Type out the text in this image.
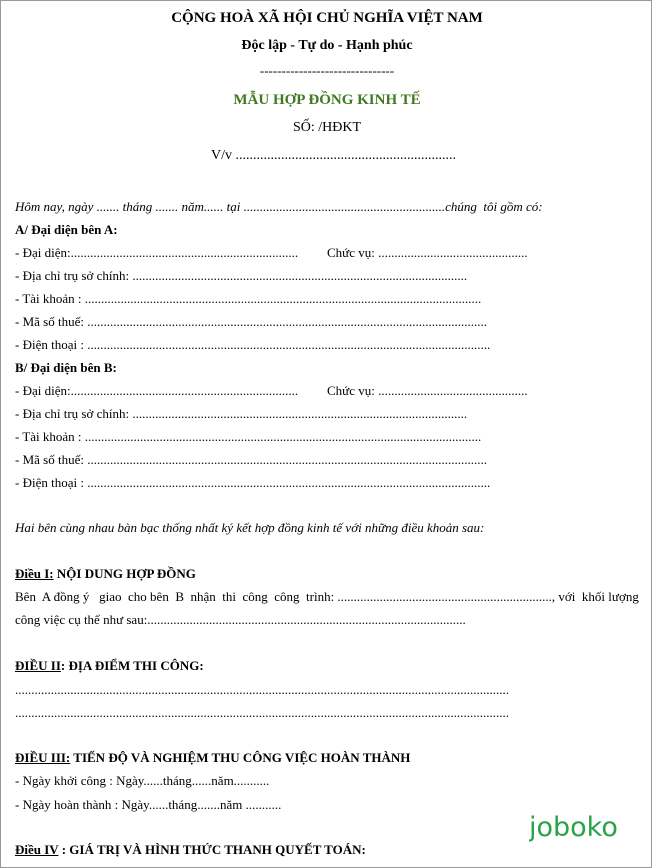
CỘNG HOÀ XÃ HỘI CHỦ NGHĨA VIỆT NAM
Độc lập - Tự do - Hạnh phúc
-------------------------------
MẪU HỢP ĐỒNG KINH TẾ
SỐ: /HĐKT
V/v ...............................................................
Hôm nay, ngày ....... tháng ....... năm...... tại ..............................................................chúng  tôi gồm có:
A/ Đại diện bên A:
- Đại diện:...................................................................... Chức vụ: ..............................................
- Địa chỉ trụ sở chính: .......................................................................................................
- Tài khoản : ..........................................................................................................................
- Mã số thuế: ...........................................................................................................................
- Điện thoại : ............................................................................................................................
B/ Đại diện bên B:
- Đại diện:...................................................................... Chức vụ: ..............................................
- Địa chỉ trụ sở chính: .......................................................................................................
- Tài khoản : ..........................................................................................................................
- Mã số thuế: ...........................................................................................................................
- Điện thoại : ............................................................................................................................
Hai bên cùng nhau bàn bạc thống nhất ký kết hợp đồng kinh tế với những điều khoản sau:
Điều I: NỘI DUNG HỢP ĐỒNG
Bên  A đồng ý   giao  cho bên  B  nhận  thi  công  công  trình: .................................................................., với  khối lượng
công việc cụ thể như sau:..................................................................................................
ĐIỀU II: ĐỊA ĐIỂM THI CÔNG:
........................................................................................................................................................
........................................................................................................................................................
ĐIỀU III: TIẾN ĐỘ VÀ NGHIỆM THU CÔNG VIỆC HOÀN THÀNH
- Ngày khởi công : Ngày......tháng......năm...........
- Ngày hoàn thành : Ngày......tháng.......năm ...........
Điều IV : GIÁ TRỊ VÀ HÌNH THỨC THANH QUYẾT TOÁN:
joboko
